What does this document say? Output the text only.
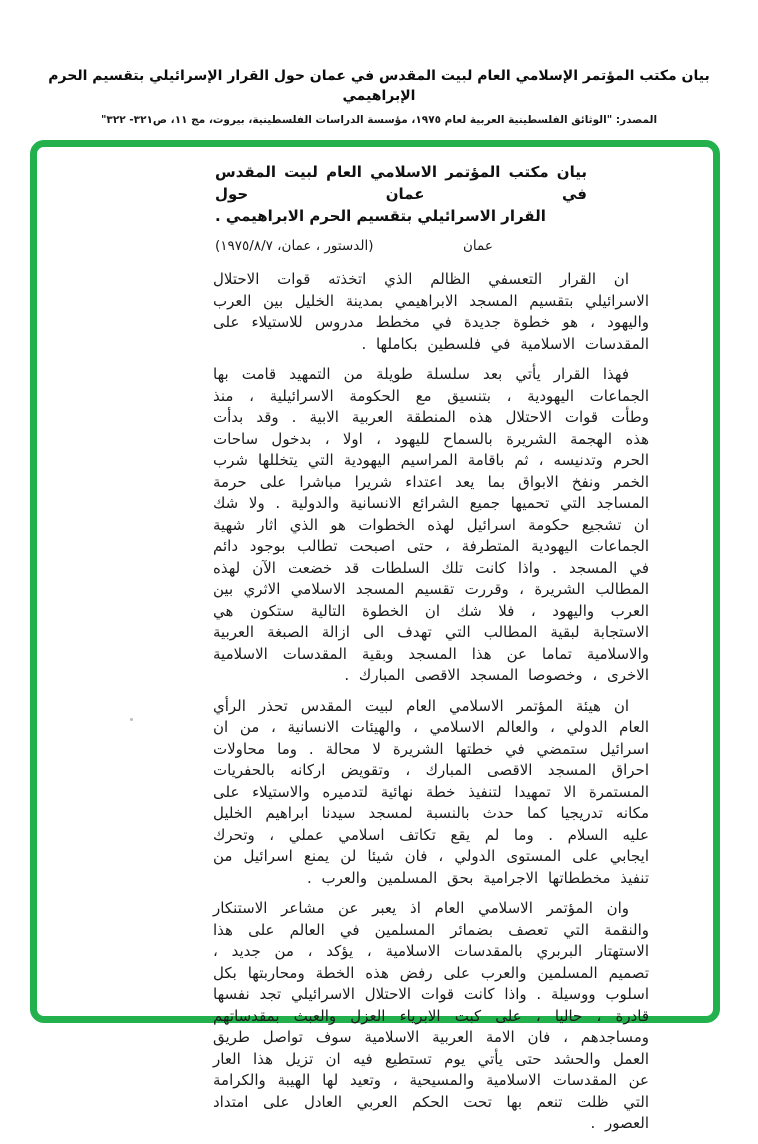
بيان مكتب المؤتمر الإسلامي العام لبيت المقدس في عمان حول القرار الإسرائيلي بتقسيم الحرم الإبراهيمي
المصدر: "الوثائق الفلسطينية العربية لعام ١٩٧٥، مؤسسة الدراسات الفلسطينية، بيروت، مج ١١، ص٣٢١- ٣٢٢"
بيان مكتب المؤتمر الاسلامي العام لبيت المقدس في عمان حول
القرار الاسرائيلي بتقسيم الحرم الابراهيمي .
عمان
(الدستور ، عمان، ١٩٧٥/٨/٧)

ان القرار التعسفي الظالم الذي اتخذته قوات الاحتلال الاسرائيلي بتقسيم المسجد الابراهيمي بمدينة الخليل بين العرب واليهود ، هو خطوة جديدة في مخطط مدروس للاستيلاء على المقدسات الاسلامية في فلسطين بكاملها .

فهذا القرار يأتي بعد سلسلة طويلة من التمهيد قامت بها الجماعات اليهودية ، بتنسيق مع الحكومة الاسرائيلية ، منذ وطأت قوات الاحتلال هذه المنطقة العربية الابية . وقد بدأت هذه الهجمة الشريرة بالسماح لليهود ، اولا ، بدخول ساحات الحرم وتدنيسه ، ثم باقامة المراسيم اليهودية التي يتخللها شرب الخمر ونفخ الابواق بما يعد اعتداء شريرا مباشرا على حرمة المساجد التي تحميها جميع الشرائع الانسانية والدولية . ولا شك ان تشجيع حكومة اسرائيل لهذه الخطوات هو الذي اثار شهية الجماعات اليهودية المتطرفة ، حتى اصبحت تطالب بوجود دائم في المسجد . واذا كانت تلك السلطات قد خضعت الآن لهذه المطالب الشريرة ، وقررت تقسيم المسجد الاسلامي الاثري بين العرب واليهود ، فلا شك ان الخطوة التالية ستكون هي الاستجابة لبقية المطالب التي تهدف الى ازالة الصبغة العربية والاسلامية تماما عن هذا المسجد وبقية المقدسات الاسلامية الاخرى ، وخصوصا المسجد الاقصى المبارك .

ان هيئة المؤتمر الاسلامي العام لبيت المقدس تحذر الرأي العام الدولي ، والعالم الاسلامي ، والهيئات الانسانية ، من ان اسرائيل ستمضي في خطتها الشريرة لا محالة . وما محاولات احراق المسجد الاقصى المبارك ، وتقويض اركانه بالحفريات المستمرة الا تمهيدا لتنفيذ خطة نهائية لتدميره والاستيلاء على مكانه تدريجيا كما حدث بالنسبة لمسجد سيدنا ابراهيم الخليل عليه السلام . وما لم يقع تكاتف اسلامي عملي ، وتحرك ايجابي على المستوى الدولي ، فان شيئا لن يمنع اسرائيل من تنفيذ مخططاتها الاجرامية بحق المسلمين والعرب .

وان المؤتمر الاسلامي العام اذ يعبر عن مشاعر الاستنكار والنقمة التي تعصف بضمائر المسلمين في العالم على هذا الاستهتار البربري بالمقدسات الاسلامية ، يؤكد ، من جديد ، تصميم المسلمين والعرب على رفض هذه الخطة ومحاربتها بكل اسلوب ووسيلة . واذا كانت قوات الاحتلال الاسرائيلي تجد نفسها قادرة ، حاليا ، على كبت الابرياء العزل والعبث بمقدساتهم ومساجدهم ، فان الامة العربية الاسلامية سوف تواصل طريق العمل والحشد حتى يأتي يوم تستطيع فيه ان تزيل هذا العار عن المقدسات الاسلامية والمسيحية ، وتعيد لها الهيبة والكرامة التي ظلت تنعم بها تحت الحكم العربي العادل على امتداد العصور .
